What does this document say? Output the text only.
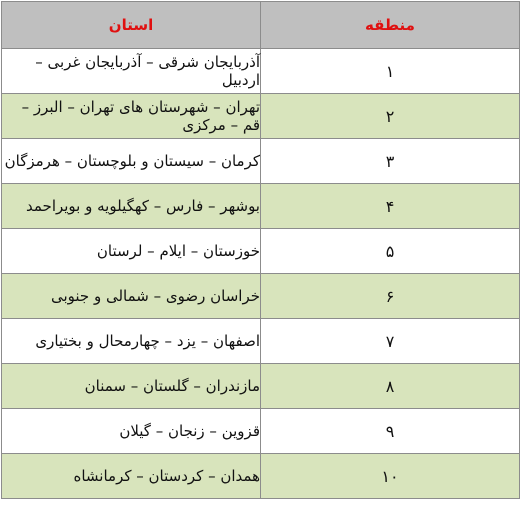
منطقه	استان
۱	آذربایجان شرقی – آذربایجان غربی – اردبیل
۲	تهران – شهرستان های تهران – البرز – قم – مرکزی
۳	کرمان – سیستان و بلوچستان – هرمزگان
۴	بوشهر – فارس – کهگیلویه و بویراحمد
۵	خوزستان – ایلام – لرستان
۶	خراسان رضوی – شمالی و جنوبی
۷	اصفهان – یزد – چهارمحال و بختیاری
۸	مازندران – گلستان – سمنان
۹	قزوین – زنجان – گیلان
۱۰	همدان – کردستان – کرمانشاه
